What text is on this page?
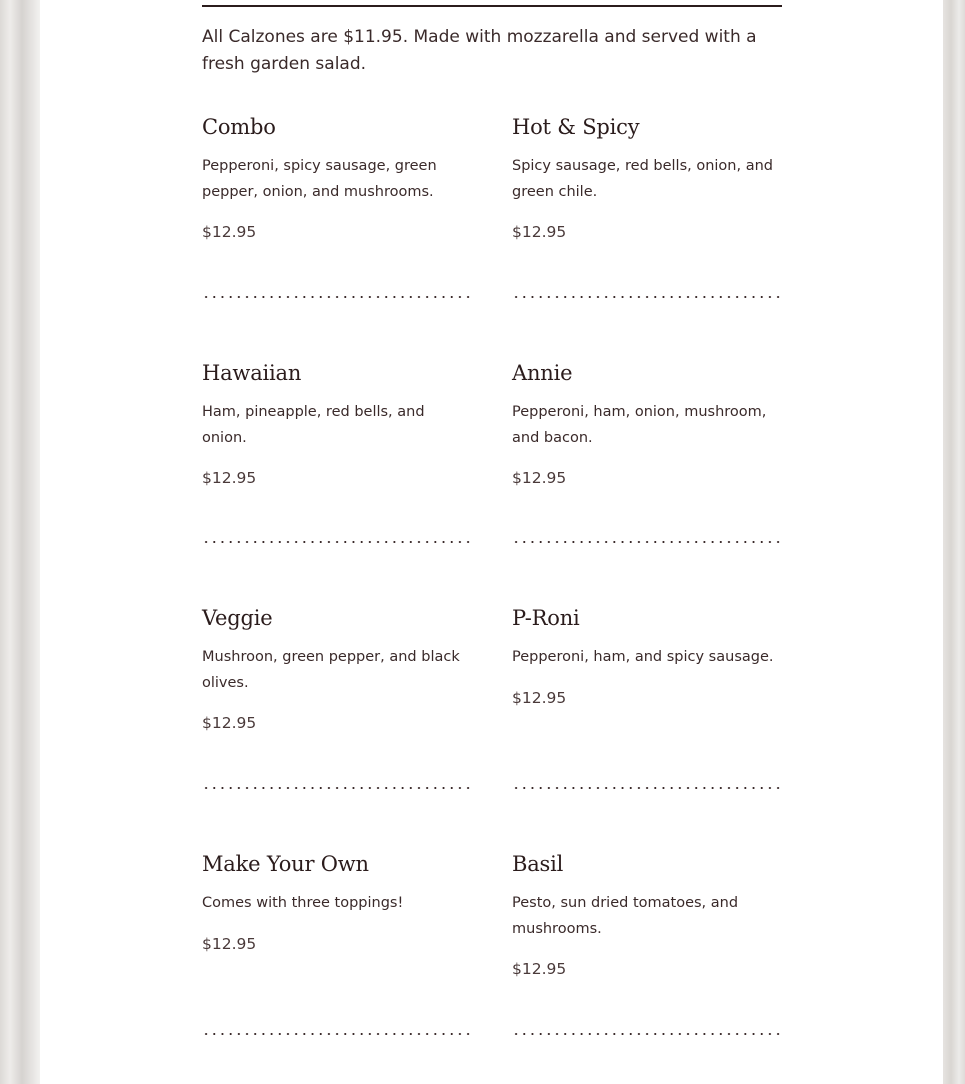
All Calzones are $11.95. Made with mozzarella and served with a fresh garden salad.

Combo

Pepperoni, spicy sausage, green pepper, onion, and mushrooms.

$12.95

Hot & Spicy

Spicy sausage, red bells, onion, and green chile.

$12.95

Hawaiian

Ham, pineapple, red bells, and onion.

$12.95

Annie

Pepperoni, ham, onion, mushroom, and bacon.

$12.95

Veggie

Mushroon, green pepper, and black olives.

$12.95

P-Roni

Pepperoni, ham, and spicy sausage.

$12.95

Make Your Own

Comes with three toppings!

$12.95

Basil

Pesto, sun dried tomatoes, and mushrooms.

$12.95
